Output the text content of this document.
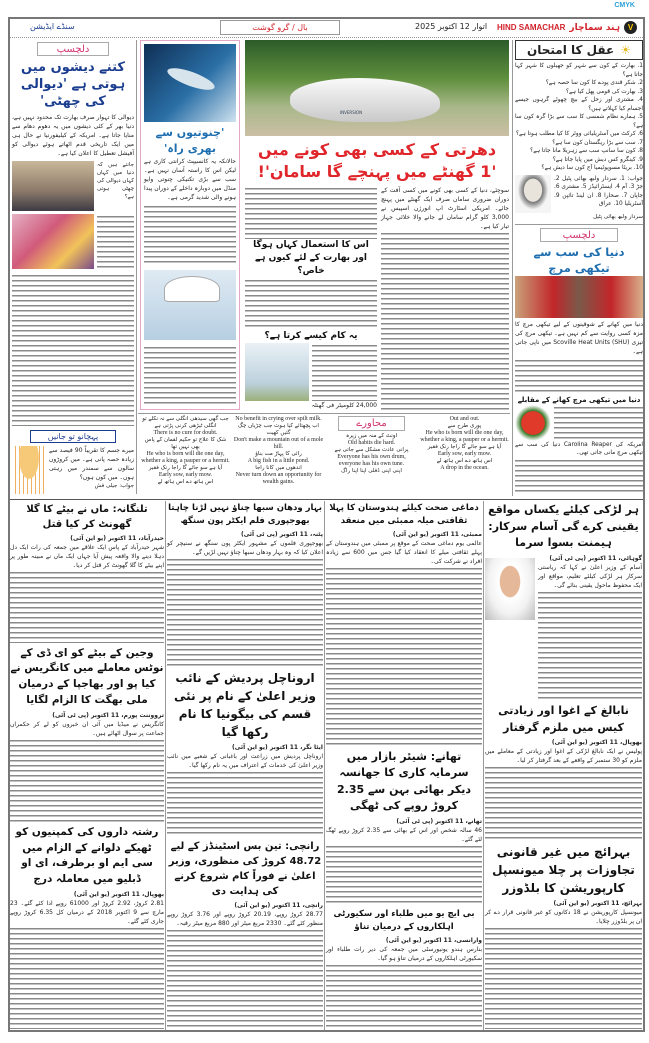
CMYK
V
ہند سماچار
HIND SAMACHAR
اتوار 12 اکتوبر 2025
بال / گرو گوشت
سنڈے ایڈیشن
دلچسپ
کتنے دیشوں میں ہوتی ہے 'دیوالی کی چھٹی'
دیوالی کا تہوار صرف بھارت تک محدود نہیں ہے، دنیا بھر کے کئی دیشوں میں یہ دھوم دھام سے منایا جاتا ہے۔ امریکہ کے کیلیفورنیا نے حال ہی میں ایک تاریخی قدم اٹھاتے ہوئے دیوالی کو آفیشل تعطیل کا اعلان کیا ہے۔
جانتے ہیں کہ دنیا میں کہاں کہاں دیوالی کی چھٹی ہوتی ہے؟
پہچانو تو جانیں
میرے جسم کا تقریباً 90 فیصد سے زیادہ حصہ پانی ہے۔ میں کروڑوں سالوں سے سمندر میں رہتی ہوں۔ میں کون ہوں؟
جواب: جیلی فش
'چنوتیوں سے بھری راہ'
حالانکہ یہ کانسیپٹ کرانتی کاری ہے لیکن اس کا راستہ آسان نہیں ہے۔ سب سے بڑی تکنیکی چنوتی وایو منڈل میں دوبارہ داخلے کے دوران پیدا ہونے والی شدید گرمی ہے۔
INVERSION
دھرتی کے کسی بھی کونے میں
'1 گھنٹے میں پہنچے گا سامان'!
سوچئے، دنیا کے کسی بھی کونے میں کسی آفت کے دوران ضروری سامان صرف ایک گھنٹے میں پہنچ جائے۔ امریکی اسٹارٹ اپ انورژن اسپیس نے 3,000 کلو گرام سامان لے جانے والا خلائی جہاز تیار کیا ہے۔
اس کا استعمال کہاں ہوگا اور بھارت کے لئے کیوں ہے خاص؟
یہ کام کیسے کرتا ہے؟
24,000 کلومیٹر فی گھنٹہ
Out and out.
پوری طرح سے
He who is born will die one day, whether a king, a pauper or a hermit.
آیا ہے سو جائے گا راجا رنک فقیر
Early sow, early mow.
اس ہاتھ دے اس ہاتھ لے
A drop in the ocean.
محاورے
اونٹ کے منہ میں زیرہ
Old habits die hard.
پرانی عادت مشکل سے جاتی ہے
Everyone has his own drum, everyone has his own tune.
اپنی اپنی ڈفلی اپنا اپنا راگ
No benefit in crying over spilt milk.
اب پچھتائے کیا ہوت جب چڑیاں چگ گئیں کھیت
Don't make a mountain out of a mole hill.
رائی کا پہاڑ مت بناؤ
A big fish in a little pond.
اندھوں میں کانا راجا
Never turn down an opportunity for wealth gains.
جب گھی سیدھی انگلی سے نہ نکلے تو انگلی ٹیڑھی کرنی پڑتی ہے
There is no cure for doubt.
شک کا علاج تو حکیم لقمان کے پاس بھی نہیں تھا
He who is born will die one day, whether a king, a pauper or a hermit.
آیا ہے سو جائے گا راجا رنک فقیر
Early sow, early mow.
اس ہاتھ دے اس ہاتھ لے
☀
عقل کا امتحان
1. بھارت کے کون سے شہر کو جھیلوں کا شہر کہا جاتا ہے؟
2. شکر قندی پودے کا کون سا حصہ ہے؟
3. بھارت کی قومی پھل کیا ہے؟
4. مشتری اور زحل کے بیچ چھوٹے گرہوں جیسے اجسام کیا کہلاتے ہیں؟
5. ہمارے نظام شمسی کا سب سے بڑا گرہ کون سا ہے؟
6. کرکٹ میں آسٹریلیائی ووٹر کا کیا مطلب ہوتا ہے؟
7. سب سے بڑا ریگستان کون سا ہے؟
8. کون سا سانپ سب سے زہریلا مانا جاتا ہے؟
9. کینگرو کس دیش میں پایا جاتا ہے؟
10. بریٹا مسوپوٹیمیا آج کون سا دیش ہے؟
جواب: 1. سردار ولبھ بھائی پٹیل 2. جڑ 3. آم 4. ایسٹرائیڈز 5. مشتری 6. جاپان 7. صحارا 8. ان لینڈ تائپن 9. آسٹریلیا 10. عراق
سردار ولبھ بھائی پٹیل
دلچسپ
دنیا کی سب سے تیکھی مرچ
دنیا میں کھانے کے شوقینوں کے لیے تیکھی مرچ کا مزہ کسی روایت سے کم نہیں ہے۔ تیکھی مرچ کی تیزی Scoville Heat Units (SHU) میں ناپی جاتی ہے۔
دنیا میں تیکھی مرچ کھانے کے مقابلے
امریکہ کی Carolina Reaper دنیا کی سب سے تیکھی مرچ مانی جاتی تھی۔
تلنگانہ: ماں نے بیٹے کا گلا گھونٹ کر کیا قتل
حیدرآباد، 11 اکتوبر (یو این آئی)
شہر حیدرآباد کے پاس ایک علاقے میں جمعہ کی رات ایک دل دہلا دینے والا واقعہ پیش آیا جہاں ایک ماں نے مبینہ طور پر اپنے بیٹے کا گلا گھونٹ کر قتل کر دیا۔
وجین کے بیٹے کو ای ڈی کے نوٹس معاملے میں کانگریس نے کیا پو اور بھاجپا کے درمیان ملی بھگت کا الزام لگایا
ترووننت پورم، 11 اکتوبر (پی ٹی آئی)
کانگریس نے میڈیا میں آئی ان خبروں کو لے کر حکمراں جماعت پر سوال اٹھائے ہیں۔
رشتہ داروں کی کمپنیوں کو ٹھیکے دلوانے کے الزام میں سی ایم او برطرف، ای او ڈبلیو میں معاملہ درج
بھوپال، 11 اکتوبر (یو این آئی)
2.81 کروڑ، 2.92 کروڑ اور 61000 روپے ادا کئے گئے۔ 23 مارچ سے 9 اکتوبر 2018 کے درمیان کل 6.35 کروڑ روپے جاری کئے گئے۔
بہار ودھان سبھا چناؤ نہیں لڑنا چاہتا بھوجپوری فلم ایکٹر پون سنگھ
پٹنہ، 11 اکتوبر (پی ٹی آئی)
بھوجپوری فلموں کے مشہور ایکٹر پون سنگھ نے سنیچر کو اعلان کیا کہ وہ بہار ودھان سبھا چناؤ نہیں لڑیں گے۔
اروناچل پردیش کے نائب وزیر اعلیٰ کے نام پر نئی قسم کی بیگونیا کا نام رکھا گیا
ایٹا نگر، 11 اکتوبر (یو این آئی)
اروناچل پردیش میں زراعت اور باغبانی کے شعبے میں نائب وزیر اعلیٰ کی خدمات کے اعتراف میں یہ نام رکھا گیا۔
رانچی: تین بس اسٹینڈز کے لیے 48.72 کروڑ کی منظوری، وزیر اعلیٰ نے فوراً کام شروع کرنے کی ہدایت دی
رانچی، 11 اکتوبر (یو این آئی)
28.77 کروڑ روپے، 20.19 کروڑ روپے اور 3.76 کروڑ روپے منظور کئے گئے۔ 2330 مربع میٹر اور 880 مربع میٹر رقبہ۔
دماغی صحت کیلئے ہندوستان کا پہلا ثقافتی میلہ ممبئی میں منعقد
ممبئی، 11 اکتوبر (یو این آئی)
عالمی یوم دماغی صحت کے موقع پر ممبئی میں ہندوستان کے پہلے ثقافتی میلے کا انعقاد کیا گیا جس میں 600 سے زیادہ افراد نے شرکت کی۔
تھانے: شیئر بازار میں سرمایہ کاری کا جھانسہ دیکر بھائی بہن سے 2.35 کروڑ روپے کی ٹھگی
تھانے، 11 اکتوبر (پی ٹی آئی)
46 سالہ شخص اور اس کے بھائی سے 2.35 کروڑ روپے ٹھگ لئے گئے۔
بی ایچ یو میں طلباء اور سکیورٹی اہلکاروں کے درمیان تناؤ
وارانسی، 11 اکتوبر (یو این آئی)
بنارس ہندو یونیورسٹی میں جمعہ کی دیر رات طلباء اور سکیورٹی اہلکاروں کے درمیان تناؤ ہو گیا۔
ہر لڑکی کیلئے یکساں مواقع یقینی کرے گی آسام سرکار: ہیمنت بسوا سرما
گوہاٹی، 11 اکتوبر (پی ٹی آئی)
آسام کے وزیر اعلیٰ نے کہا کہ ریاستی سرکار ہر لڑکی کیلئے تعلیم، مواقع اور ایک محفوظ ماحول یقینی بنائے گی۔
نابالغ کے اغوا اور زیادتی کیس میں ملزم گرفتار
بھوپال، 11 اکتوبر (یو این آئی)
پولیس نے ایک نابالغ لڑکی کے اغوا اور زیادتی کے معاملے میں ملزم کو 30 ستمبر کے واقعے کے بعد گرفتار کر لیا۔
بہرائچ میں غیر قانونی تجاوزات پر چلا میونسپل کارپوریشن کا بلڈوزر
بہرائچ، 11 اکتوبر (یو این آئی)
میونسپل کارپوریشن نے 18 دکانوں کو غیر قانونی قرار دے کر ان پر بلڈوزر چلایا۔
